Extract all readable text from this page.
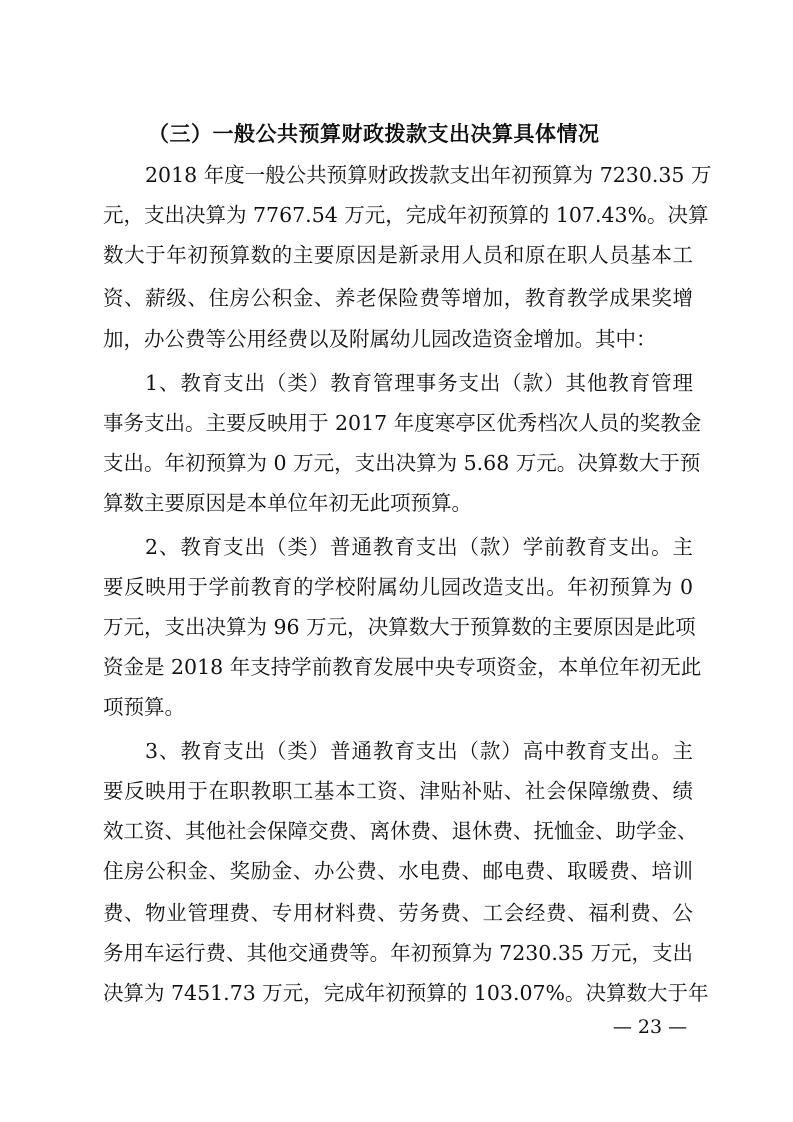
（三）一般公共预算财政拨款支出决算具体情况

2018 年度一般公共预算财政拨款支出年初预算为 7230.35 万

元，支出决算为 7767.54 万元，完成年初预算的 107.43%。决算

数大于年初预算数的主要原因是新录用人员和原在职人员基本工

资、薪级、住房公积金、养老保险费等增加，教育教学成果奖增

加，办公费等公用经费以及附属幼儿园改造资金增加。其中：

1、教育支出（类）教育管理事务支出（款）其他教育管理

事务支出。主要反映用于 2017 年度寒亭区优秀档次人员的奖教金

支出。年初预算为 0 万元，支出决算为 5.68 万元。决算数大于预

算数主要原因是本单位年初无此项预算。

2、教育支出（类）普通教育支出（款）学前教育支出。主

要反映用于学前教育的学校附属幼儿园改造支出。年初预算为 0

万元，支出决算为 96 万元，决算数大于预算数的主要原因是此项

资金是 2018 年支持学前教育发展中央专项资金，本单位年初无此

项预算。

3、教育支出（类）普通教育支出（款）高中教育支出。主

要反映用于在职教职工基本工资、津贴补贴、社会保障缴费、绩

效工资、其他社会保障交费、离休费、退休费、抚恤金、助学金、

住房公积金、奖励金、办公费、水电费、邮电费、取暖费、培训

费、物业管理费、专用材料费、劳务费、工会经费、福利费、公

务用车运行费、其他交通费等。年初预算为 7230.35 万元，支出

决算为 7451.73 万元，完成年初预算的 103.07%。决算数大于年

— 23 —
